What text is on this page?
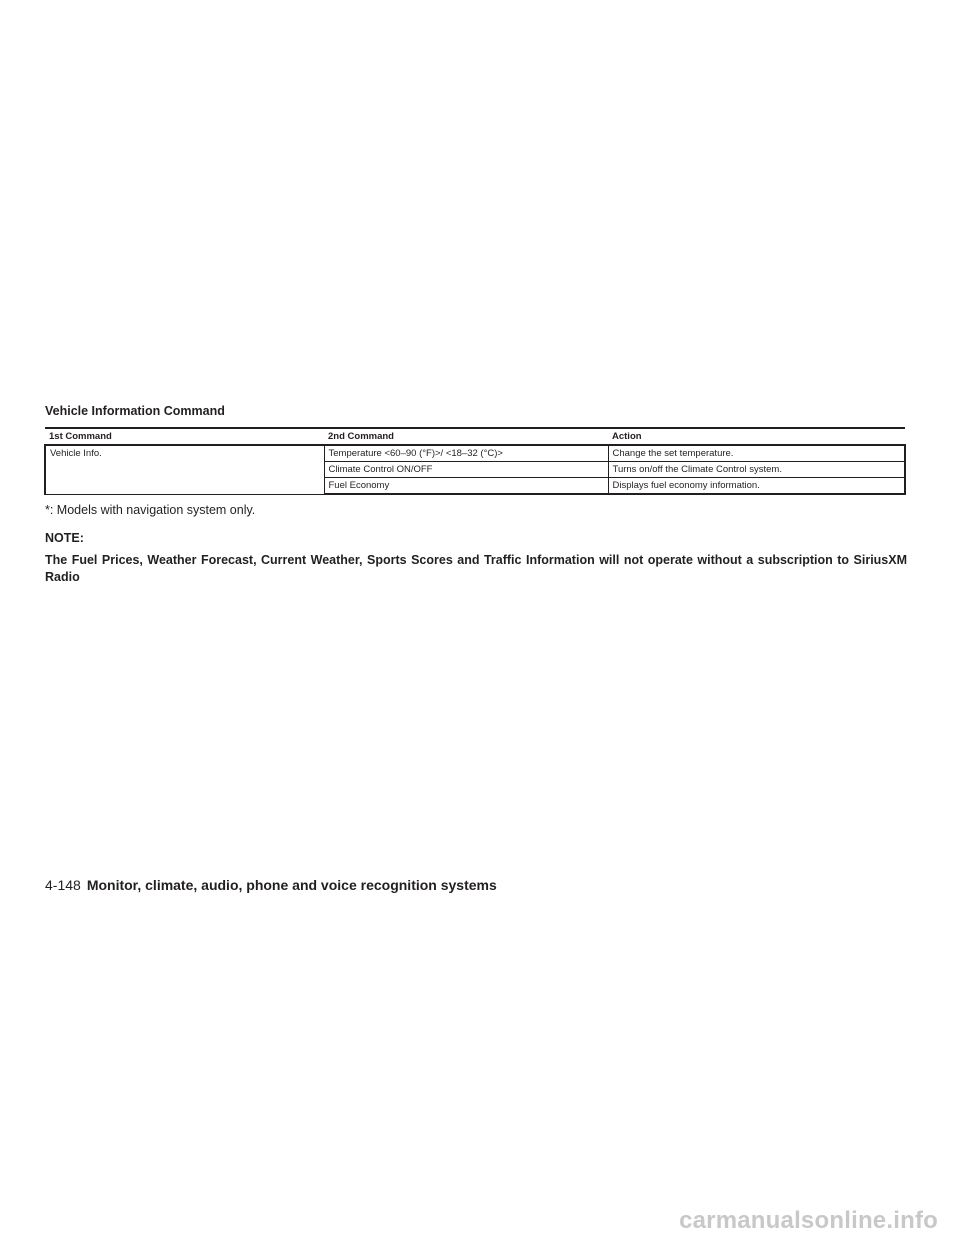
Vehicle Information Command
1st Command	2nd Command	Action
Vehicle Info.	Temperature <60–90 (°F)>/ <18–32 (°C)>	Change the set temperature.
	Climate Control ON/OFF	Turns on/off the Climate Control system.
	Fuel Economy	Displays fuel economy information.

*: Models with navigation system only.

NOTE:

The Fuel Prices, Weather Forecast, Current Weather, Sports Scores and Traffic Information will not operate without a subscription to SiriusXM Radio

4-148 Monitor, climate, audio, phone and voice recognition systems
carmanualsonline.info
